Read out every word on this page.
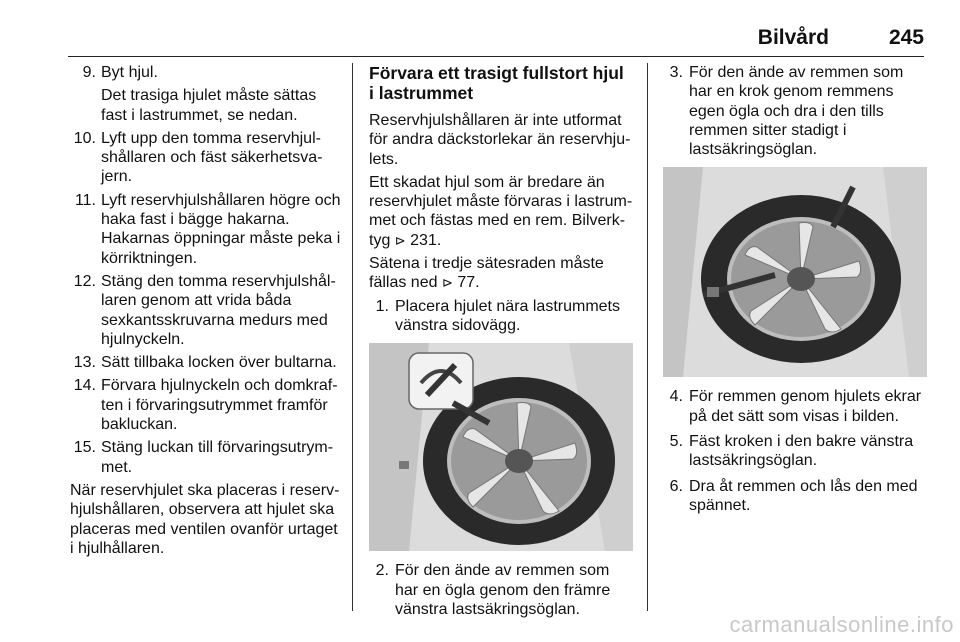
Bilvård	245
9. Byt hjul.
Det trasiga hjulet måste sättas fast i lastrummet, se nedan.
10. Lyft upp den tomma reservhjulshållaren och fäst säkerhetsvajern.
11. Lyft reservhjulshållaren högre och haka fast i bägge hakarna. Hakarnas öppningar måste peka i körriktningen.
12. Stäng den tomma reservhjulshållaren genom att vrida båda sexkantsskruvarna medurs med hjulnyckeln.
13. Sätt tillbaka locken över bultarna.
14. Förvara hjulnyckeln och domkraften i förvaringsutrymmet framför bakluckan.
15. Stäng luckan till förvaringsutrymmet.

När reservhjulet ska placeras i reservhjulshållaren, observera att hjulet ska placeras med ventilen ovanför urtaget i hjulhållaren.

Förvara ett trasigt fullstort hjul i lastrummet

Reservhjulshållaren är inte utformat för andra däckstorlekar än reservhjulets.

Ett skadat hjul som är bredare än reservhjulet måste förvaras i lastrummet och fästas med en rem. Bilverktyg ⊳ 231.

Sätena i tredje sätesraden måste fällas ned ⊳ 77.

1. Placera hjulet nära lastrummets vänstra sidovägg.
2. För den ände av remmen som har en ögla genom den främre vänstra lastsäkringsöglan.
3. För den ände av remmen som har en krok genom remmens egen ögla och dra i den tills remmen sitter stadigt i lastsäkringsöglan.
4. För remmen genom hjulets ekrar på det sätt som visas i bilden.
5. Fäst kroken i den bakre vänstra lastsäkringsöglan.
6. Dra åt remmen och lås den med spännet.
carmanualsonline.info
